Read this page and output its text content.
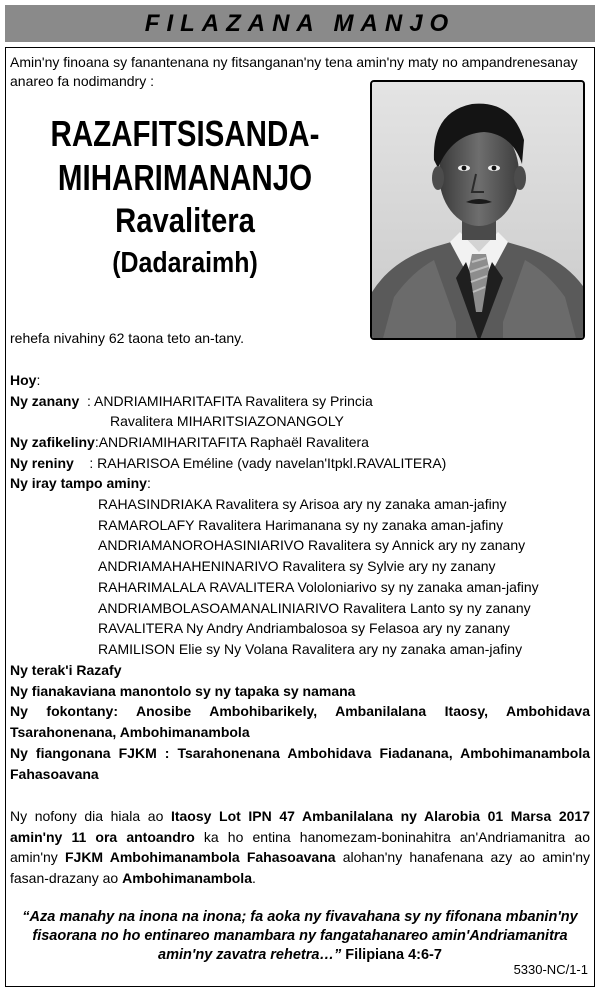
FILAZANA MANJO
Amin'ny finoana sy fanantenana ny fitsanganan'ny tena amin'ny maty no ampandrenesanay anareo fa nodimandry :
RAZAFITSISANDA-
MIHARIMANANJO
Ravalitera
(Dadaraimh)
rehefa nivahiny 62 taona teto an-tany.
Hoy:
Ny zanany : ANDRIAMIHARITAFITA Ravalitera sy Princia
Ravalitera MIHARITSIAZONANGOLY
Ny zafikeliny:ANDRIAMIHARITAFITA Raphaël Ravalitera
Ny reniny : RAHARISOA Eméline (vady navelan'Itpkl.RAVALITERA)
Ny iray tampo aminy:
RAHASINDRIAKA Ravalitera sy Arisoa ary ny zanaka aman-jafiny
RAMAROLAFY Ravalitera Harimanana sy ny zanaka aman-jafiny
ANDRIAMANOROHASINIARIVO Ravalitera sy Annick ary ny zanany
ANDRIAMAHAHENINARIVO Ravalitera sy Sylvie ary ny zanany
RAHARIMALALA RAVALITERA Vololoniarivo sy ny zanaka aman-jafiny
ANDRIAMBOLASOAMANALINIARIVO Ravalitera Lanto sy ny zanany
RAVALITERA Ny Andry Andriambalosoa sy Felasoa ary ny zanany
RAMILISON Elie sy Ny Volana Ravalitera ary ny zanaka aman-jafiny
Ny terak'i Razafy
Ny fianakaviana manontolo sy ny tapaka sy namana
Ny fokontany: Anosibe Ambohibarikely, Ambanilalana Itaosy, Ambohidava Tsarahonenana, Ambohimanambola
Ny fiangonana FJKM : Tsarahonenana Ambohidava Fiadanana, Ambohimanambola Fahasoavana
Ny nofony dia hiala ao Itaosy Lot IPN 47 Ambanilalana ny Alarobia 01 Marsa 2017 amin'ny 11 ora antoandro ka ho entina hanomezam-boninahitra an'Andriamanitra ao amin'ny FJKM Ambohimanambola Fahasoavana alohan'ny hanafenana azy ao amin'ny fasan-drazany ao Ambohimanambola.
“Aza manahy na inona na inona; fa aoka ny fivavahana sy ny fifonana mbanin'ny fisaorana no ho entinareo manambara ny fangatahanareo amin'Andriamanitra amin'ny zavatra rehetra…” Filipiana 4:6-7
5330-NC/1-1
